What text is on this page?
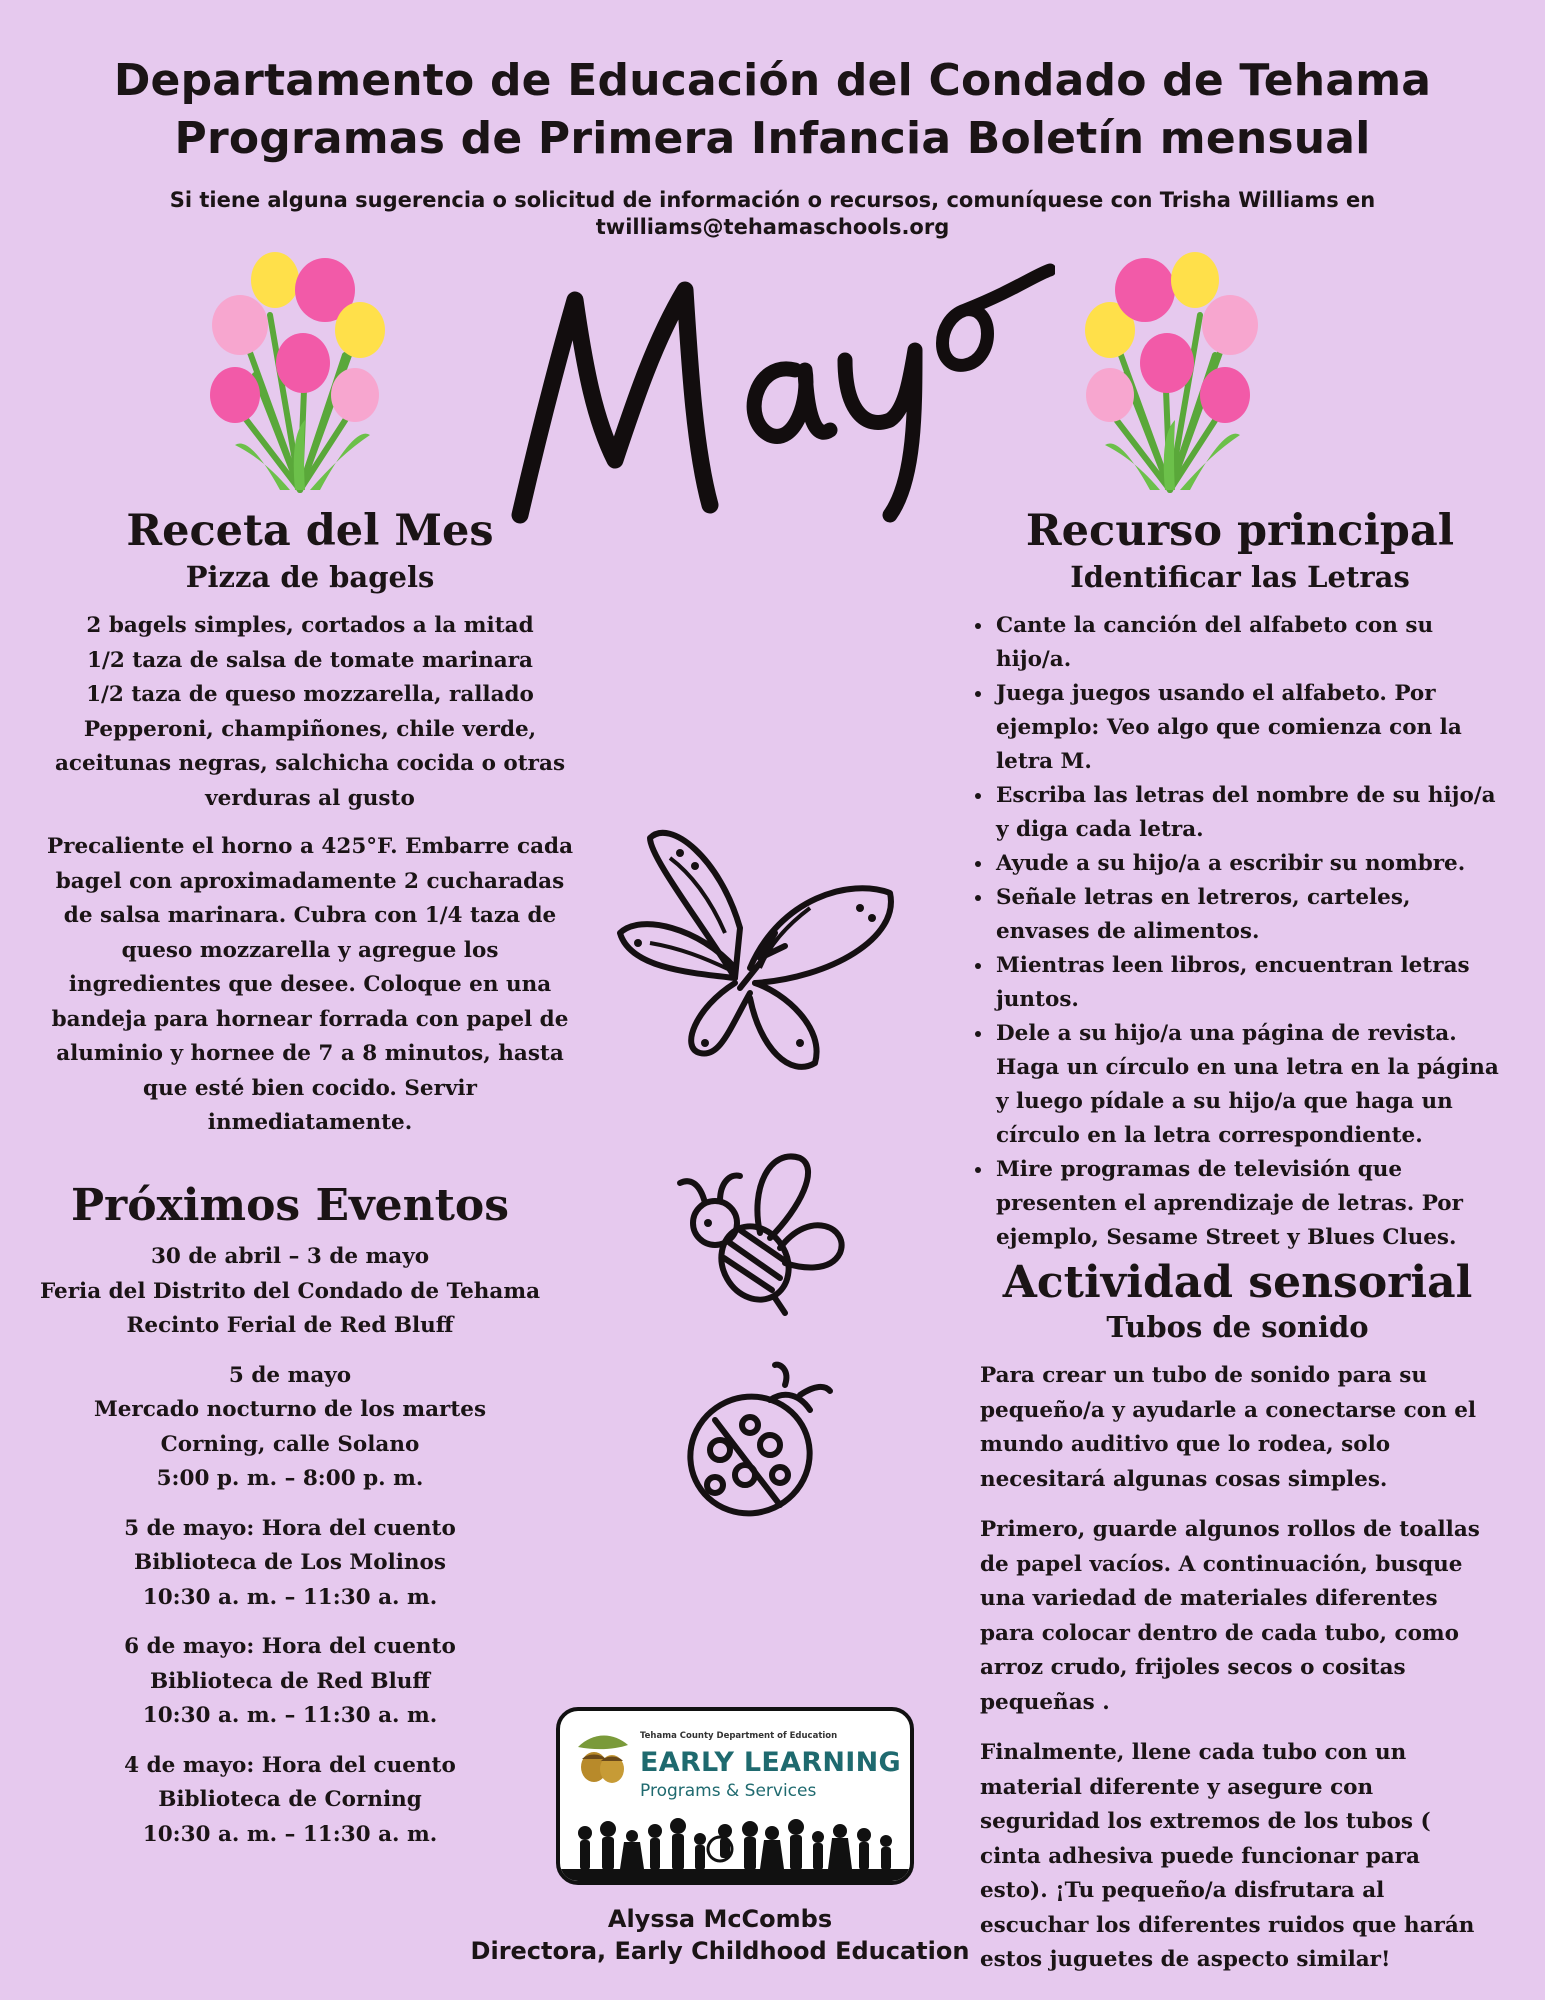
Departamento de Educación del Condado de Tehama
Programas de Primera Infancia Boletín mensual
Si tiene alguna sugerencia o solicitud de información o recursos, comuníquese con Trisha Williams en
twilliams@tehamaschools.org
Mayo
Receta del Mes
Pizza de bagels

2 bagels simples, cortados a la mitad

1/2 taza de salsa de tomate marinara

1/2 taza de queso mozzarella, rallado

Pepperoni, champiñones, chile verde, aceitunas negras, salchicha cocida o otras verduras al gusto

Precaliente el horno a 425°F. Embarre cada bagel con aproximadamente 2 cucharadas de salsa marinara. Cubra con 1/4 taza de queso mozzarella y agregue los ingredientes que desee. Coloque en una bandeja para hornear forrada con papel de aluminio y hornee de 7 a 8 minutos, hasta que esté bien cocido. Servir inmediatamente.
Próximos Eventos

30 de abril – 3 de mayo

Feria del Distrito del Condado de Tehama

Recinto Ferial de Red Bluff

5 de mayo

Mercado nocturno de los martes

Corning, calle Solano

5:00 p. m. – 8:00 p. m.

5 de mayo: Hora del cuento

Biblioteca de Los Molinos

10:30 a. m. – 11:30 a. m.

6 de mayo: Hora del cuento

Biblioteca de Red Bluff

10:30 a. m. – 11:30 a. m.

4 de mayo: Hora del cuento

Biblioteca de Corning

10:30 a. m. – 11:30 a. m.

Recurso principal
Identificar las Letras
• Cante la canción del alfabeto con su hijo/a.
• Juega juegos usando el alfabeto. Por ejemplo: Veo algo que comienza con la letra M.
• Escriba las letras del nombre de su hijo/a y diga cada letra.
• Ayude a su hijo/a a escribir su nombre.
• Señale letras en letreros, carteles, envases de alimentos.
• Mientras leen libros, encuentran letras juntos.
• Dele a su hijo/a una página de revista. Haga un círculo en una letra en la página y luego pídale a su hijo/a que haga un círculo en la letra correspondiente.
• Mire programas de televisión que presenten el aprendizaje de letras. Por ejemplo, Sesame Street y Blues Clues.
Actividad sensorial
Tubos de sonido

Para crear un tubo de sonido para su pequeño/a y ayudarle a conectarse con el mundo auditivo que lo rodea, solo necesitará algunas cosas simples.

Primero, guarde algunos rollos de toallas de papel vacíos. A continuación, busque una variedad de materiales diferentes para colocar dentro de cada tubo, como arroz crudo, frijoles secos o cositas pequeñas .

Finalmente, llene cada tubo con un material diferente y asegure con seguridad los extremos de los tubos ( cinta adhesiva puede funcionar para esto). ¡Tu pequeño/a disfrutara al escuchar los diferentes ruidos que harán estos juguetes de aspecto similar!

Tehama County Department of Education
EARLY LEARNING
Programs & Services
Alyssa McCombs
Directora, Early Childhood Education
